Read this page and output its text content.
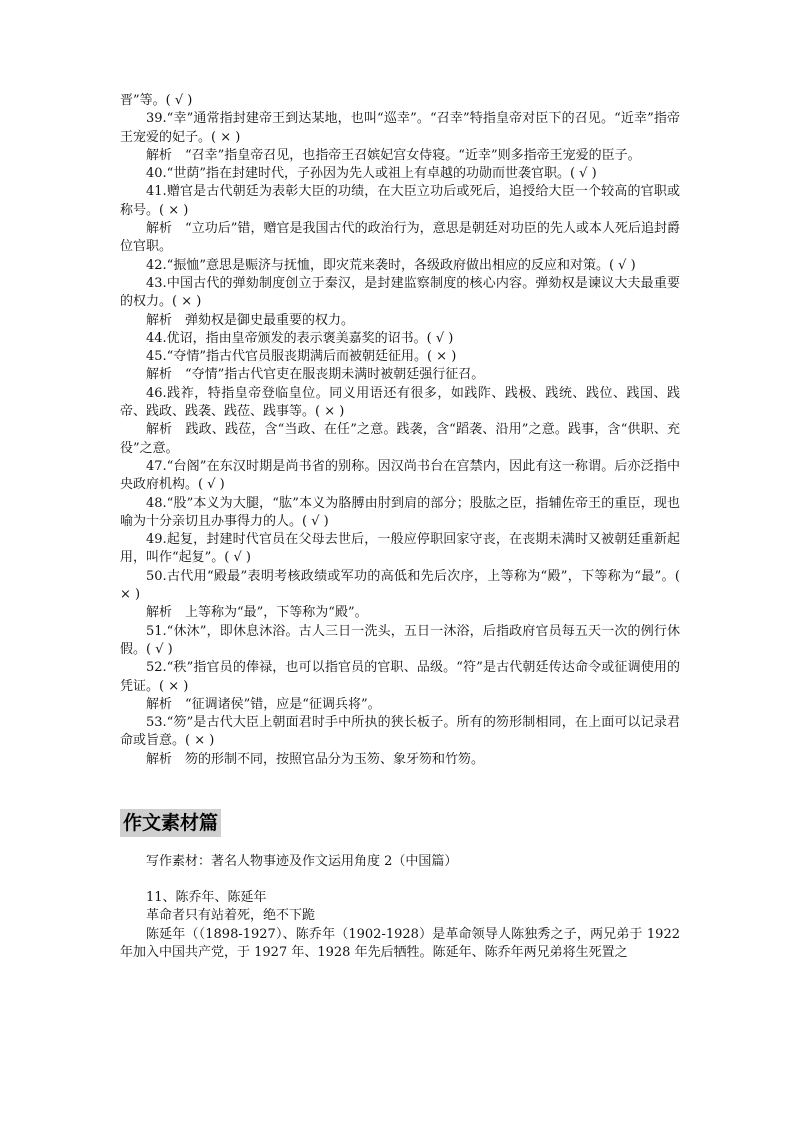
晋”等。( √ )

39.“幸”通常指封建帝王到达某地，也叫“巡幸”。“召幸”特指皇帝对臣下的召见。“近幸”指帝王宠爱的妃子。( × )

解析　“召幸”指皇帝召见，也指帝王召嫔妃宫女侍寝。“近幸”则多指帝王宠爱的臣子。

40.“世荫”指在封建时代，子孙因为先人或祖上有卓越的功勋而世袭官职。( √ )

41.赠官是古代朝廷为表彰大臣的功绩，在大臣立功后或死后，追授给大臣一个较高的官职或称号。( × )

解析　“立功后”错，赠官是我国古代的政治行为，意思是朝廷对功臣的先人或本人死后追封爵位官职。

42.“振恤”意思是赈济与抚恤，即灾荒来袭时，各级政府做出相应的反应和对策。( √ )

43.中国古代的弹劾制度创立于秦汉，是封建监察制度的核心内容。弹劾权是谏议大夫最重要的权力。( × )

解析　弹劾权是御史最重要的权力。

44.优诏，指由皇帝颁发的表示褒美嘉奖的诏书。( √ )

45.“夺情”指古代官员服丧期满后而被朝廷征用。( × )

解析　“夺情”指古代官吏在服丧期未满时被朝廷强行征召。

46.践祚，特指皇帝登临皇位。同义用语还有很多，如践阼、践极、践统、践位、践国、践帝、践政、践袭、践莅、践事等。( × )

解析　践政、践莅，含“当政、在任”之意。践袭，含“蹈袭、沿用”之意。践事，含“供职、充役”之意。

47.“台阁”在东汉时期是尚书省的别称。因汉尚书台在宫禁内，因此有这一称谓。后亦泛指中央政府机构。( √ )

48.“股”本义为大腿，“肱”本义为胳膊由肘到肩的部分；股肱之臣，指辅佐帝王的重臣，现也喻为十分亲切且办事得力的人。( √ )

49.起复，封建时代官员在父母去世后，一般应停职回家守丧，在丧期未满时又被朝廷重新起用，叫作“起复”。( √ )

50.古代用“殿最”表明考核政绩或军功的高低和先后次序，上等称为“殿”，下等称为“最”。( × )

解析　上等称为“最”，下等称为“殿”。

51.“休沐”，即休息沐浴。古人三日一洗头，五日一沐浴，后指政府官员每五天一次的例行休假。( √ )

52.“秩”指官员的俸禄，也可以指官员的官职、品级。“符”是古代朝廷传达命令或征调使用的凭证。( × )

解析　“征调诸侯”错，应是“征调兵将”。

53.“笏”是古代大臣上朝面君时手中所执的狭长板子。所有的笏形制相同，在上面可以记录君命或旨意。( × )

解析　笏的形制不同，按照官品分为玉笏、象牙笏和竹笏。

作文素材篇

写作素材：著名人物事迹及作文运用角度 2（中国篇）

11、陈乔年、陈延年

革命者只有站着死，绝不下跪

陈延年（（1898-1927）、陈乔年（1902-1928）是革命领导人陈独秀之子，两兄弟于 1922 年加入中国共产党，于 1927 年、1928 年先后牺牲。陈延年、陈乔年两兄弟将生死置之
